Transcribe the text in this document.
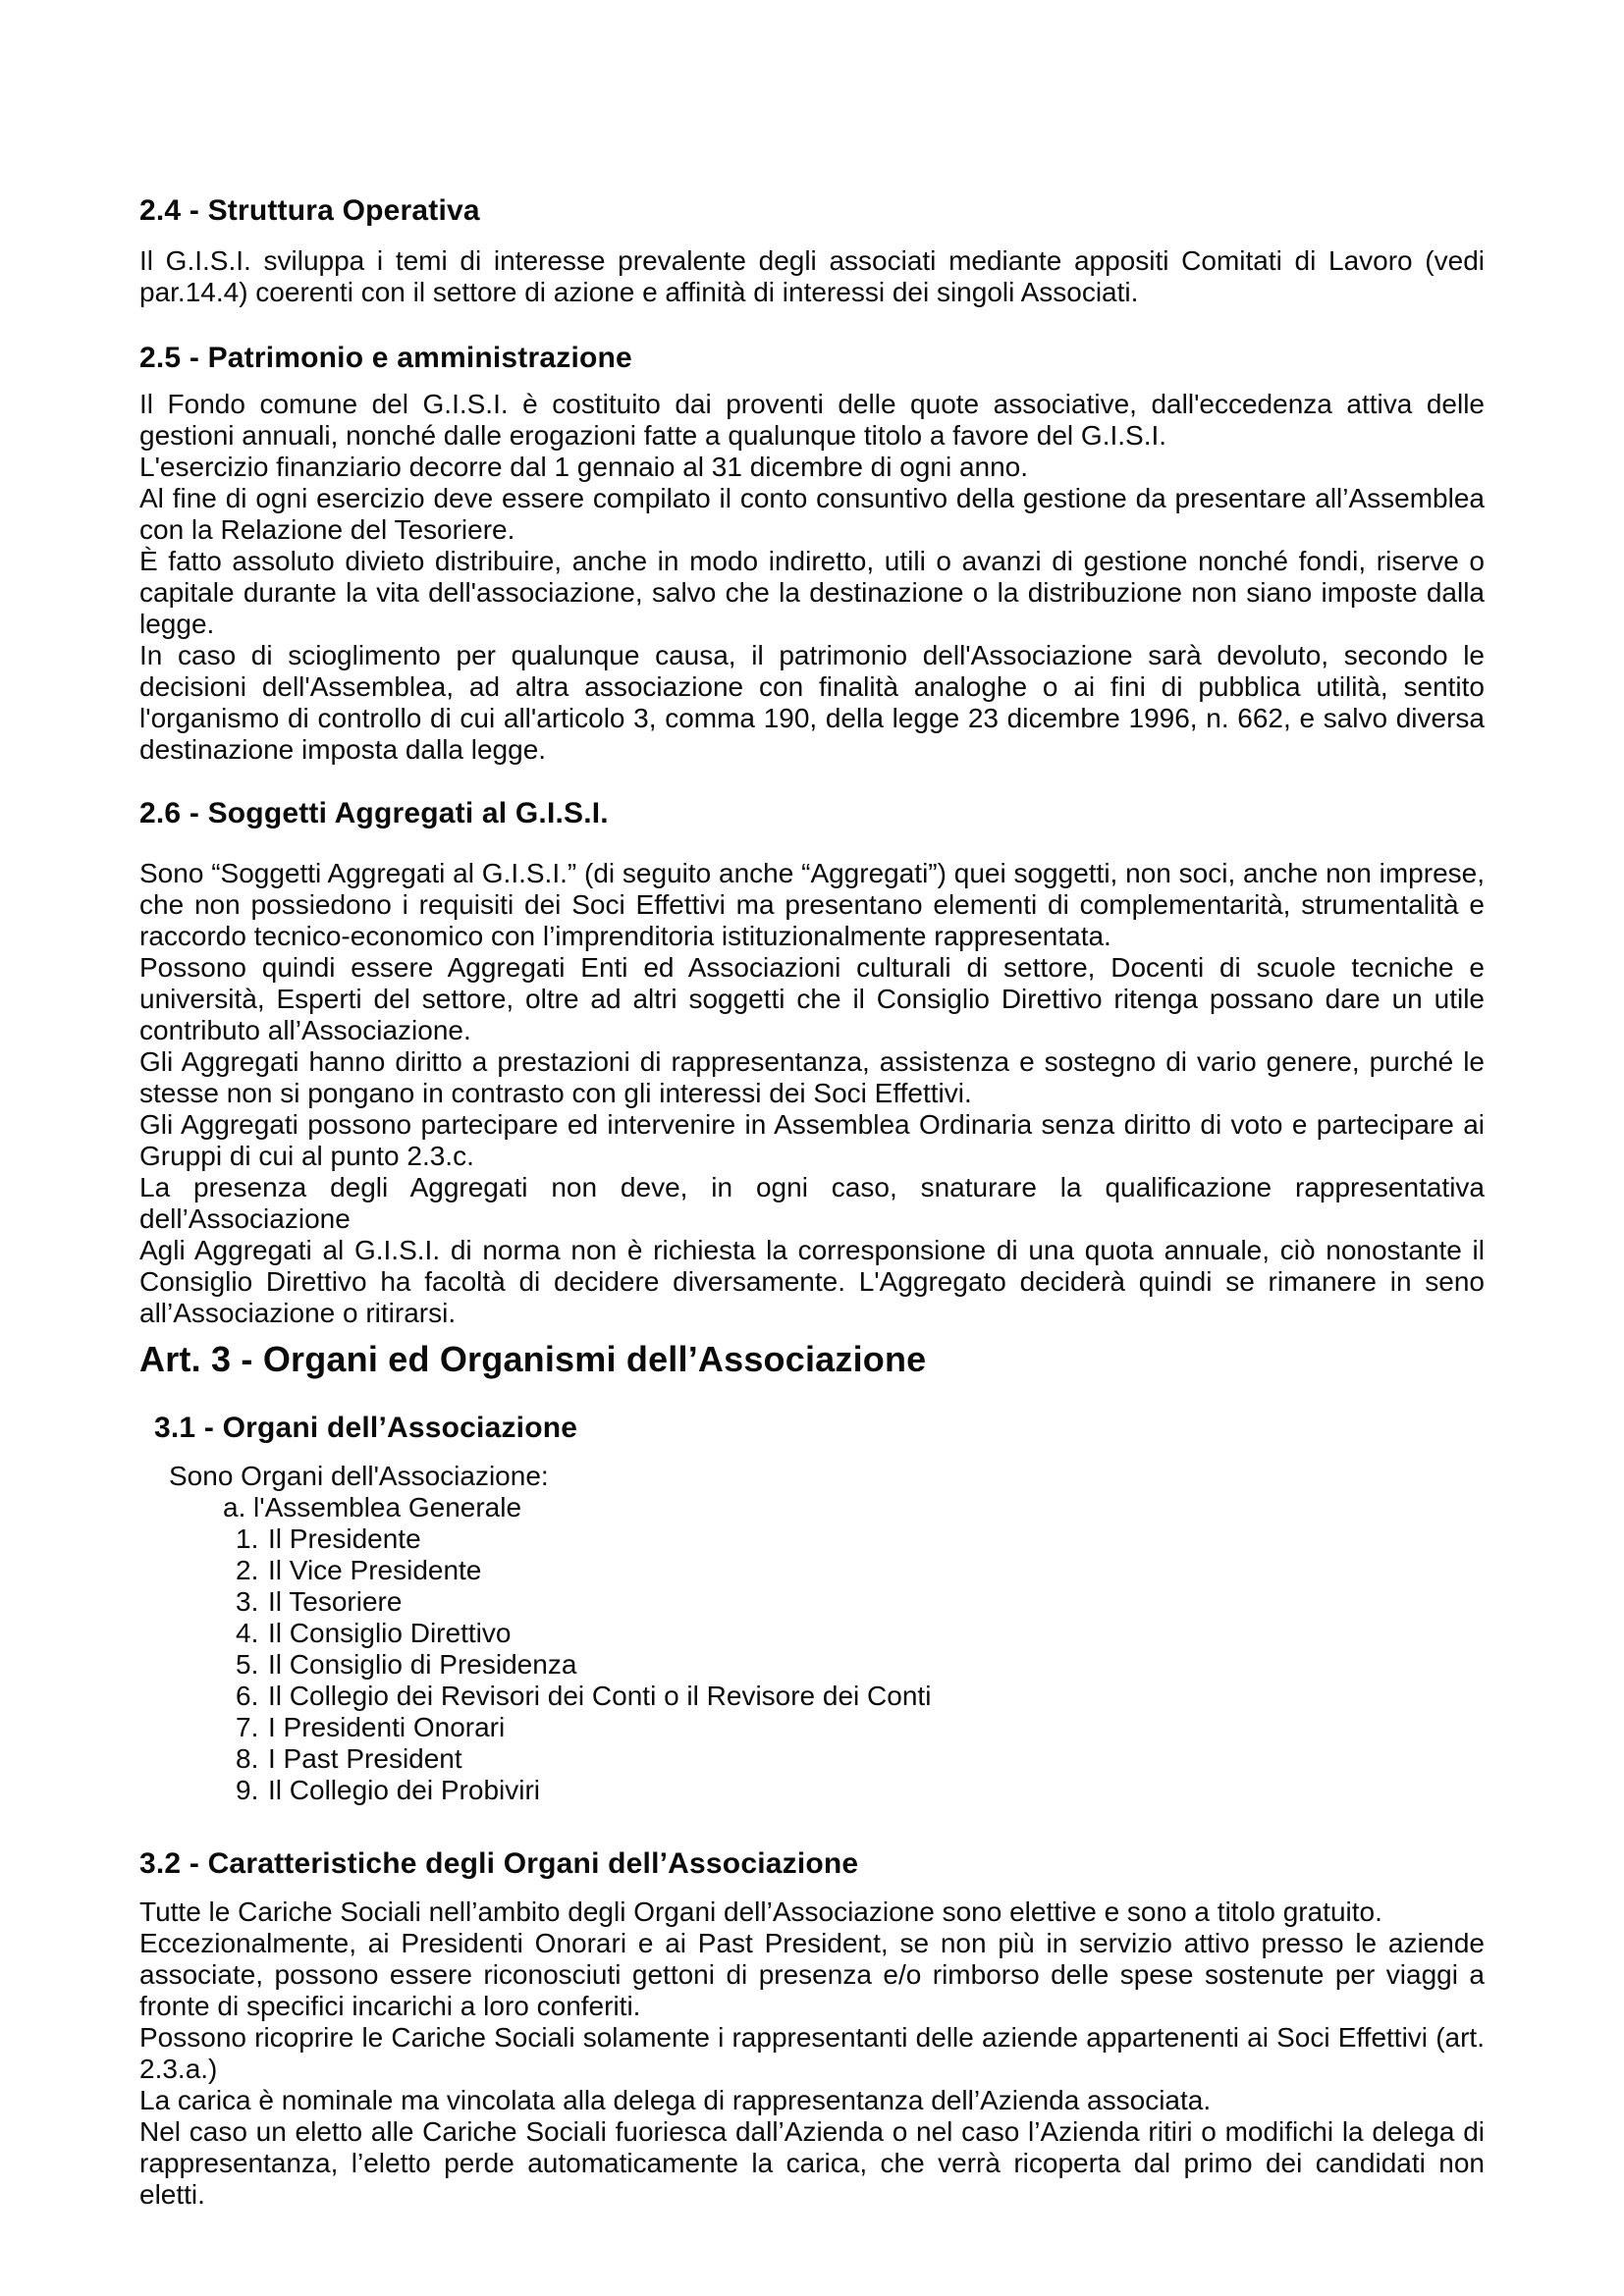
2.4 - Struttura Operativa

Il G.I.S.I. sviluppa i temi di interesse prevalente degli associati mediante appositi Comitati di Lavoro (vedi par.14.4) coerenti con il settore di azione e affinità di interessi dei singoli Associati.

2.5 - Patrimonio e amministrazione

Il Fondo comune del G.I.S.I. è costituito dai proventi delle quote associative, dall'eccedenza attiva delle gestioni annuali, nonché dalle erogazioni fatte a qualunque titolo a favore del G.I.S.I.

L'esercizio finanziario decorre dal 1 gennaio al 31 dicembre di ogni anno.

Al fine di ogni esercizio deve essere compilato il conto consuntivo della gestione da presentare all’Assemblea con la Relazione del Tesoriere.

È fatto assoluto divieto distribuire, anche in modo indiretto, utili o avanzi di gestione nonché fondi, riserve o capitale durante la vita dell'associazione, salvo che la destinazione o la distribuzione non siano imposte dalla legge.

In caso di scioglimento per qualunque causa, il patrimonio dell'Associazione sarà devoluto, secondo le decisioni dell'Assemblea, ad altra associazione con finalità analoghe o ai fini di pubblica utilità, sentito l'organismo di controllo di cui all'articolo 3, comma 190, della legge 23 dicembre 1996, n. 662, e salvo diversa destinazione imposta dalla legge.

2.6 - Soggetti Aggregati al G.I.S.I.

Sono “Soggetti Aggregati al G.I.S.I.” (di seguito anche “Aggregati”) quei soggetti, non soci, anche non imprese, che non possiedono i requisiti dei Soci Effettivi ma presentano elementi di complementarità, strumentalità e raccordo tecnico-economico con l’imprenditoria istituzionalmente rappresentata.

Possono quindi essere Aggregati Enti ed Associazioni culturali di settore, Docenti di scuole tecniche e università, Esperti del settore, oltre ad altri soggetti che il Consiglio Direttivo ritenga possano dare un utile contributo all’Associazione.

Gli Aggregati hanno diritto a prestazioni di rappresentanza, assistenza e sostegno di vario genere, purché le stesse non si pongano in contrasto con gli interessi dei Soci Effettivi.

Gli Aggregati possono partecipare ed intervenire in Assemblea Ordinaria senza diritto di voto e partecipare ai Gruppi di cui al punto 2.3.c.

La presenza degli Aggregati non deve, in ogni caso, snaturare la qualificazione rappresentativa dell’Associazione

Agli Aggregati al G.I.S.I. di norma non è richiesta la corresponsione di una quota annuale, ciò nonostante il Consiglio Direttivo ha facoltà di decidere diversamente. L'Aggregato deciderà quindi se rimanere in seno all’Associazione o ritirarsi.

Art. 3 - Organi ed Organismi dell’Associazione
3.1 - Organi dell’Associazione

Sono Organi dell'Associazione:

a. l'Assemblea Generale
1. Il Presidente
2. Il Vice Presidente
3. Il Tesoriere
4. Il Consiglio Direttivo
5. Il Consiglio di Presidenza
6. Il Collegio dei Revisori dei Conti o il Revisore dei Conti
7. I Presidenti Onorari
8. I Past President
9. Il Collegio dei Probiviri
3.2 - Caratteristiche degli Organi dell’Associazione

Tutte le Cariche Sociali nell’ambito degli Organi dell’Associazione sono elettive e sono a titolo gratuito.

Eccezionalmente, ai Presidenti Onorari e ai Past President, se non più in servizio attivo presso le aziende associate, possono essere riconosciuti gettoni di presenza e/o rimborso delle spese sostenute per viaggi a fronte di specifici incarichi a loro conferiti.

Possono ricoprire le Cariche Sociali solamente i rappresentanti delle aziende appartenenti ai Soci Effettivi (art. 2.3.a.)

La carica è nominale ma vincolata alla delega di rappresentanza dell’Azienda associata.

Nel caso un eletto alle Cariche Sociali fuoriesca dall’Azienda o nel caso l’Azienda ritiri o modifichi la delega di rappresentanza, l’eletto perde automaticamente la carica, che verrà ricoperta dal primo dei candidati non eletti.
